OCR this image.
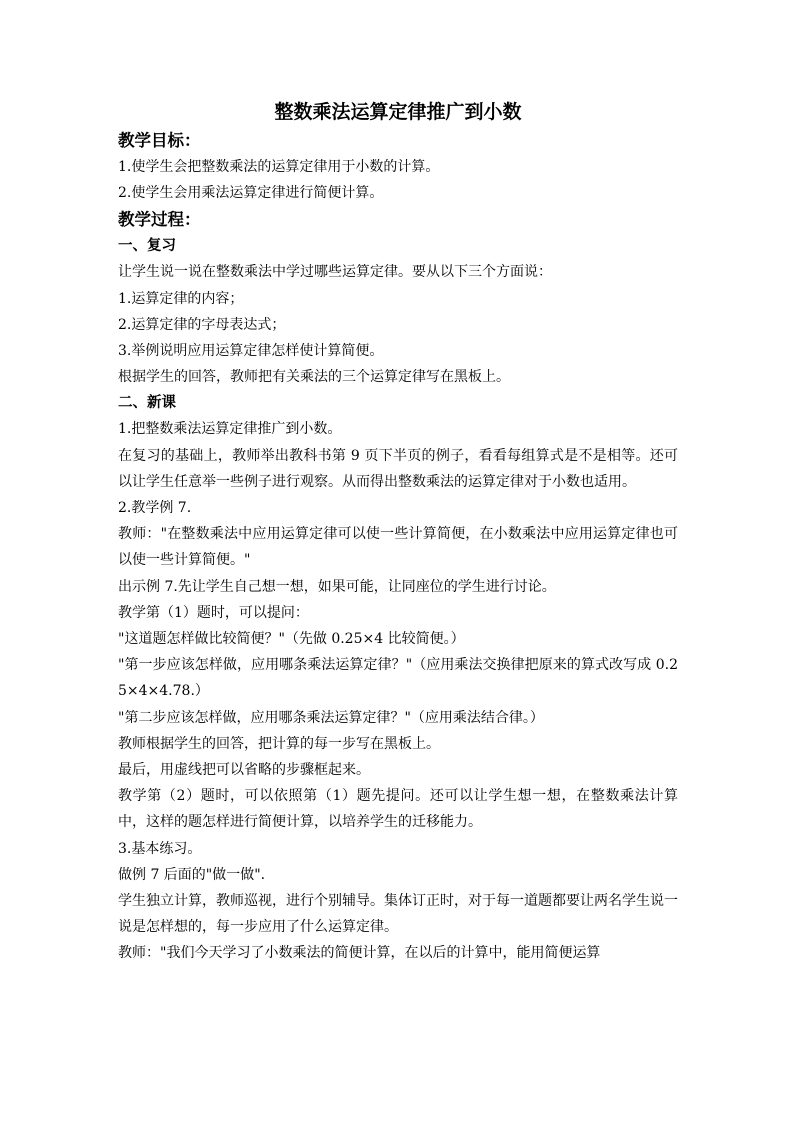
整数乘法运算定律推广到小数
教学目标：
1.使学生会把整数乘法的运算定律用于小数的计算。
2.使学生会用乘法运算定律进行简便计算。
教学过程：
一、复习
让学生说一说在整数乘法中学过哪些运算定律。要从以下三个方面说：
1.运算定律的内容；
2.运算定律的字母表达式；
3.举例说明应用运算定律怎样使计算简便。
根据学生的回答，教师把有关乘法的三个运算定律写在黑板上。
二、新课
1.把整数乘法运算定律推广到小数。
在复习的基础上，教师举出教科书第 9 页下半页的例子，看看每组算式是不是相等。还可以让学生任意举一些例子进行观察。从而得出整数乘法的运算定律对于小数也适用。
2.教学例 7.
教师："在整数乘法中应用运算定律可以使一些计算简便，在小数乘法中应用运算定律也可以使一些计算简便。"
出示例 7.先让学生自己想一想，如果可能，让同座位的学生进行讨论。
教学第（1）题时，可以提问：
"这道题怎样做比较简便？"（先做 0.25×4 比较简便。）
"第一步应该怎样做，应用哪条乘法运算定律？"（应用乘法交换律把原来的算式改写成 0.25×4×4.78.）
"第二步应该怎样做，应用哪条乘法运算定律？"（应用乘法结合律。）
教师根据学生的回答，把计算的每一步写在黑板上。
最后，用虚线把可以省略的步骤框起来。
教学第（2）题时，可以依照第（1）题先提问。还可以让学生想一想，在整数乘法计算中，这样的题怎样进行简便计算，以培养学生的迁移能力。
3.基本练习。
做例 7 后面的"做一做".
学生独立计算，教师巡视，进行个别辅导。集体订正时，对于每一道题都要让两名学生说一说是怎样想的，每一步应用了什么运算定律。
教师："我们今天学习了小数乘法的简便计算，在以后的计算中，能用简便运算
